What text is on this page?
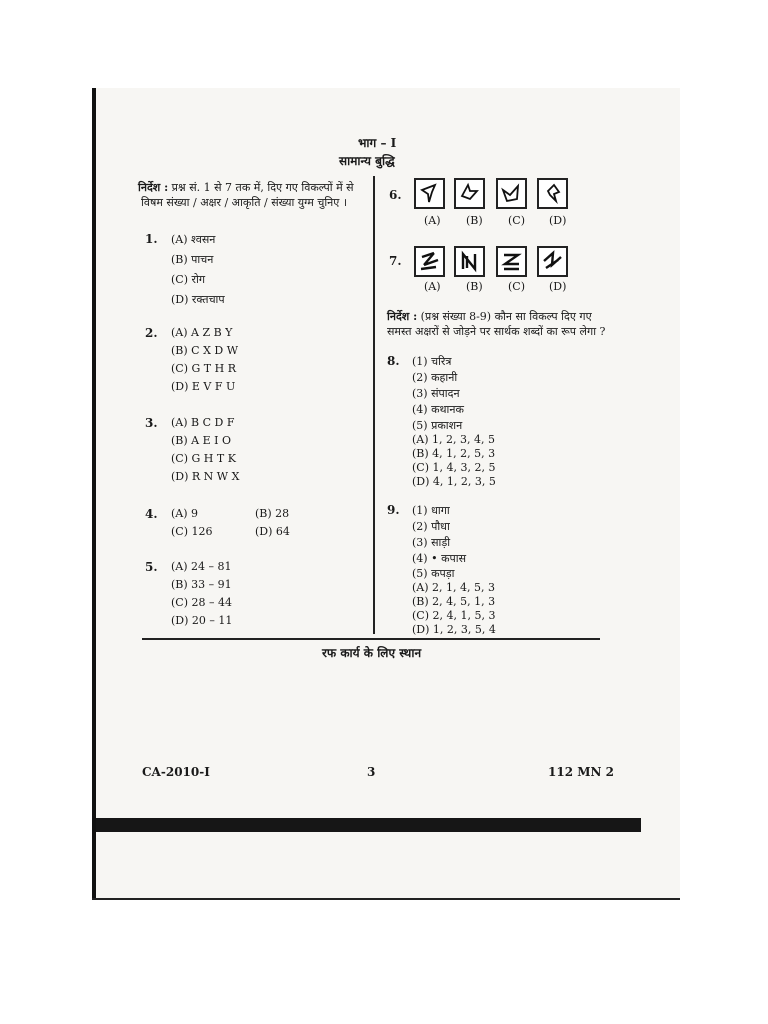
भाग – I
सामान्य बुद्धि
निर्देश : प्रश्न सं. 1 से 7 तक में, दिए गए विकल्पों में से
विषम संख्या / अक्षर / आकृति / संख्या युग्म चुनिए ।
1. (A) श्वसन
(B) पाचन
(C) रोग
(D) रक्तचाप
2. (A) A Z B Y
(B) C X D W
(C) G T H R
(D) E V F U
3. (A) B C D F
(B) A E I O
(C) G H T K
(D) R N W X
4. (A) 9	(B) 28
(C) 126	(D) 64
5. (A) 24 – 81
(B) 33 – 91
(C) 28 – 44
(D) 20 – 11
6.
(A) (B) (C) (D)
7.
(A) (B) (C) (D)
निर्देश : (प्रश्न संख्या 8-9) कौन सा विकल्प दिए गए
समस्त अक्षरों से जोड़ने पर सार्थक शब्दों का रूप लेगा ?
8. (1) चरित्र
(2) कहानी
(3) संपादन
(4) कथानक
(5) प्रकाशन
(A) 1, 2, 3, 4, 5
(B) 4, 1, 2, 5, 3
(C) 1, 4, 3, 2, 5
(D) 4, 1, 2, 3, 5
9. (1) धागा
(2) पौधा
(3) साड़ी
(4) • कपास
(5) कपड़ा
(A) 2, 1, 4, 5, 3
(B) 2, 4, 5, 1, 3
(C) 2, 4, 1, 5, 3
(D) 1, 2, 3, 5, 4
रफ कार्य के लिए स्थान
CA-2010-I	3	112 MN 2
